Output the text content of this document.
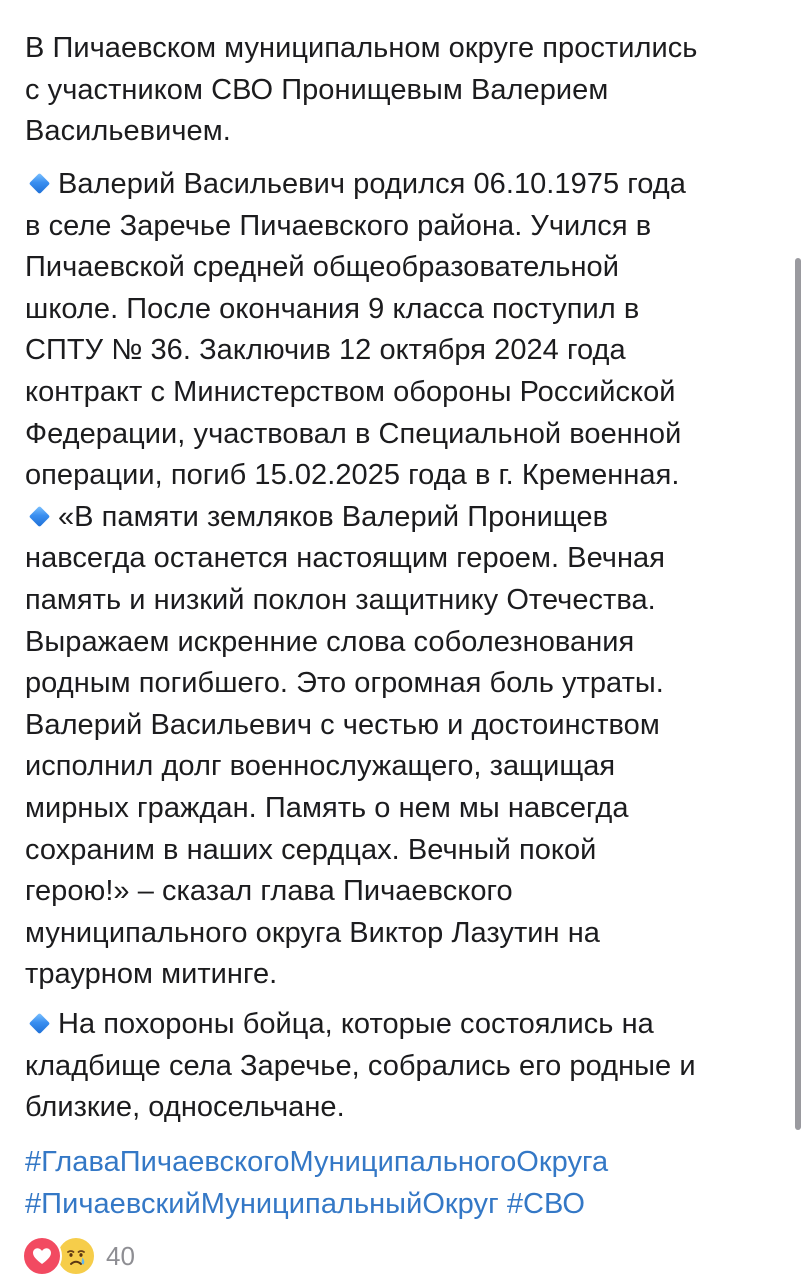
В Пичаевском муниципальном округе простились
с участником СВО Пронищевым Валерием
Васильевичем.
Валерий Васильевич родился 06.10.1975 года
в селе Заречье Пичаевского района. Учился в
Пичаевской средней общеобразовательной
школе. После окончания 9 класса поступил в
СПТУ № 36. Заключив 12 октября 2024 года
контракт с Министерством обороны Российской
Федерации, участвовал в Специальной военной
операции, погиб 15.02.2025 года в г. Кременная.
«В памяти земляков Валерий Пронищев
навсегда останется настоящим героем. Вечная
память и низкий поклон защитнику Отечества.
Выражаем искренние слова соболезнования
родным погибшего. Это огромная боль утраты.
Валерий Васильевич с честью и достоинством
исполнил долг военнослужащего, защищая
мирных граждан. Память о нем мы навсегда
сохраним в наших сердцах. Вечный покой
герою!» – сказал глава Пичаевского
муниципального округа Виктор Лазутин на
траурном митинге.
На похороны бойца, которые состоялись на
кладбище села Заречье, собрались его родные и
близкие, односельчане.
#ГлаваПичаевскогоМуниципальногоОкруга
#ПичаевскийМуниципальныйОкруг #СВО
40
